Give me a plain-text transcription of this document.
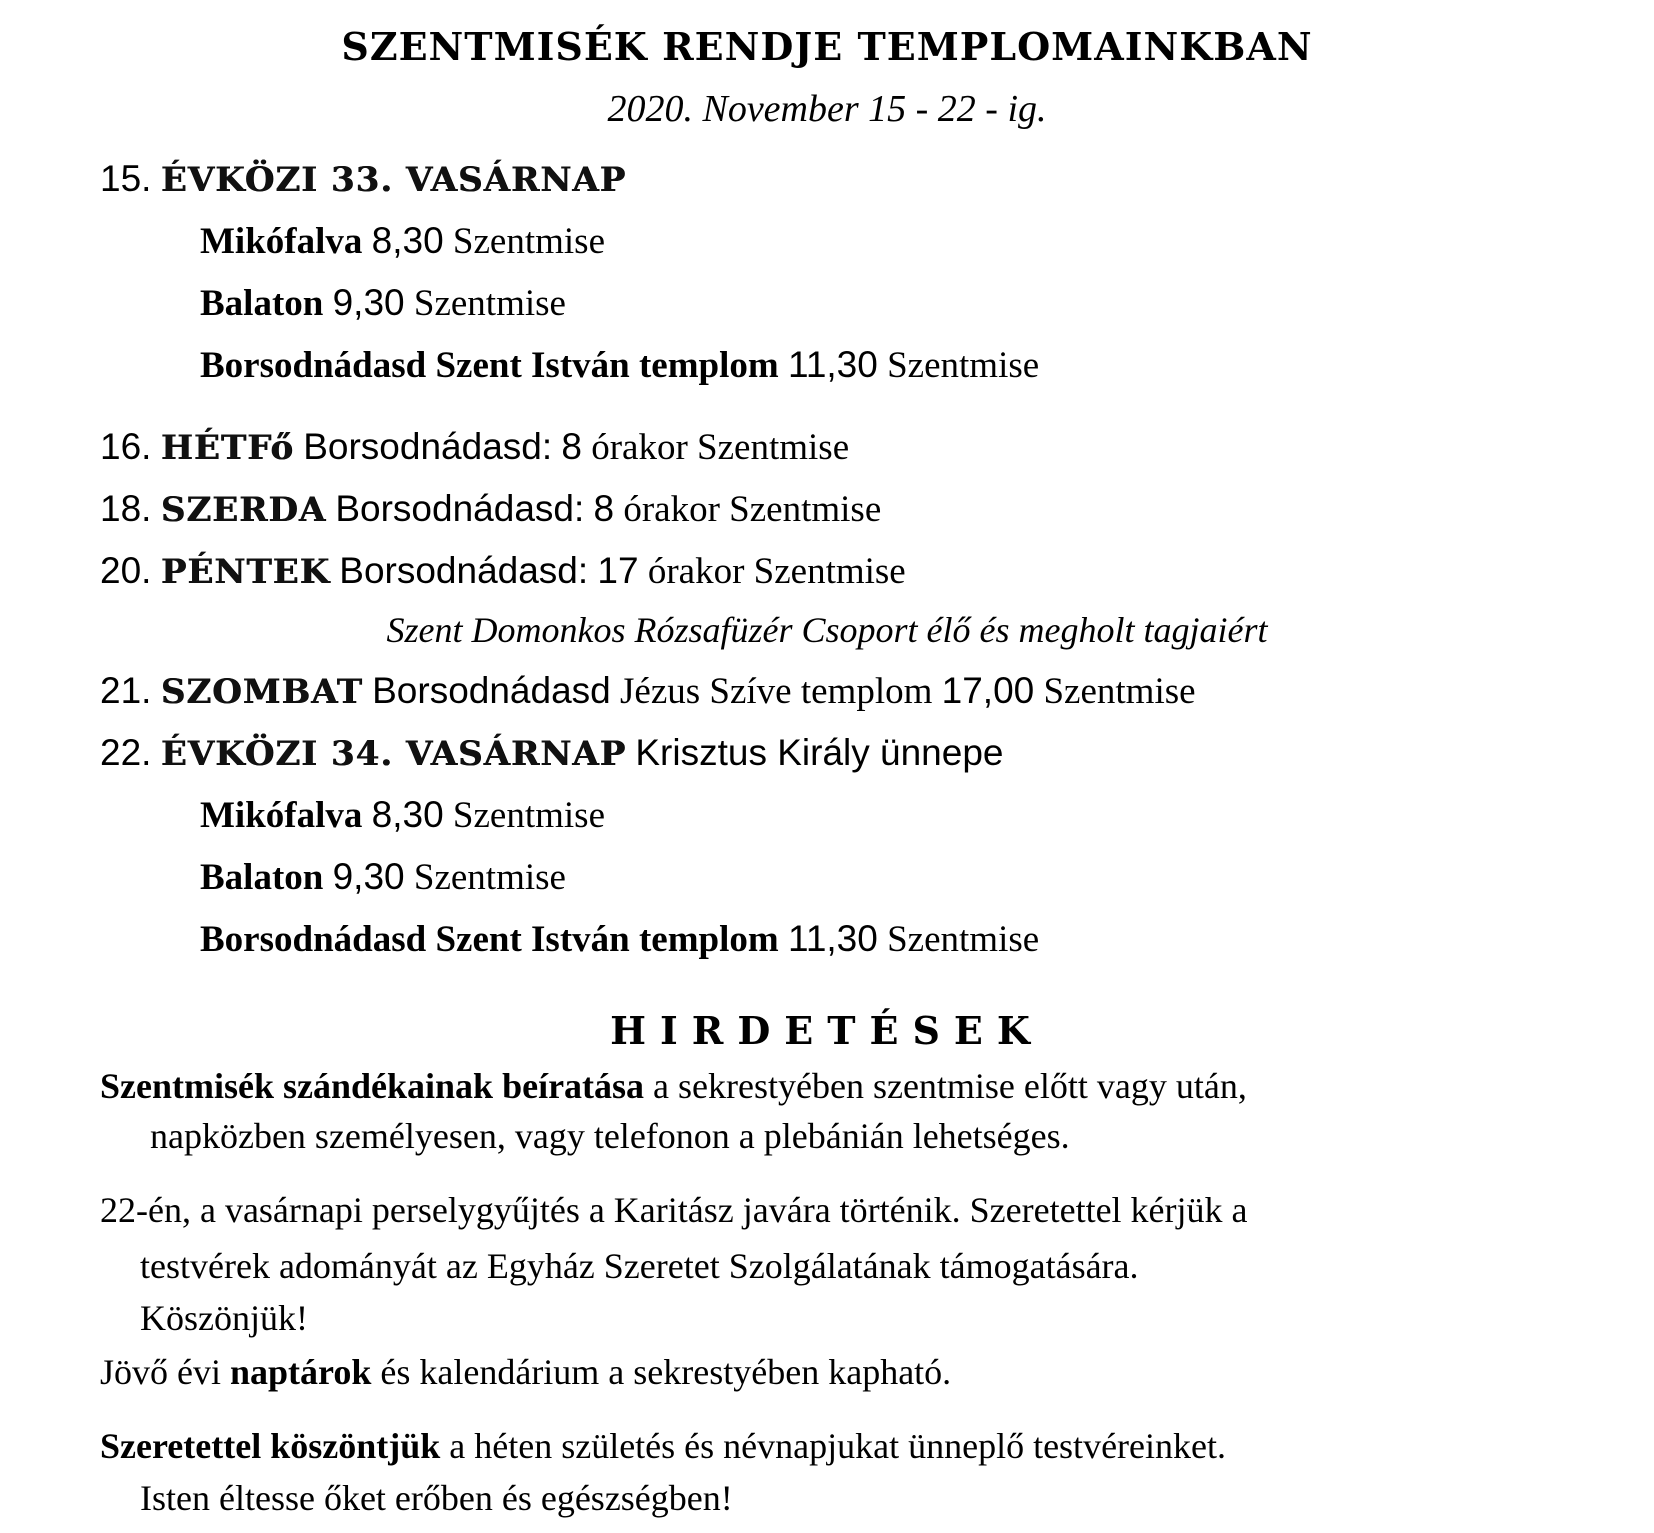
SZENTMISÉK RENDJE TEMPLOMAINKBAN
2020. November 15 - 22 - ig.
15. ÉVKÖZI 33. VASÁRNAP
Mikófalva 8,30 Szentmise
Balaton 9,30 Szentmise
Borsodnádasd Szent István templom 11,30 Szentmise
16. HÉTFő Borsodnádasd: 8 órakor Szentmise
18. SZERDA Borsodnádasd: 8 órakor Szentmise
20. PÉNTEK Borsodnádasd: 17 órakor Szentmise
Szent Domonkos Rózsafüzér Csoport élő és megholt tagjaiért
21. SZOMBAT Borsodnádasd Jézus Szíve templom 17,00 Szentmise
22. ÉVKÖZI 34. VASÁRNAP Krisztus Király ünnepe
Mikófalva 8,30 Szentmise
Balaton 9,30 Szentmise
Borsodnádasd Szent István templom 11,30 Szentmise
HIRDETÉSEK
Szentmisék szándékainak beíratása a sekrestyében szentmise előtt vagy után,
napközben személyesen, vagy telefonon a plebánián lehetséges.
22-én, a vasárnapi perselygyűjtés a Karitász javára történik. Szeretettel kérjük a
testvérek adományát az Egyház Szeretet Szolgálatának támogatására.
Köszönjük!
Jövő évi naptárok és kalendárium a sekrestyében kapható.
Szeretettel köszöntjük a héten születés és névnapjukat ünneplő testvéreinket.
Isten éltesse őket erőben és egészségben!
